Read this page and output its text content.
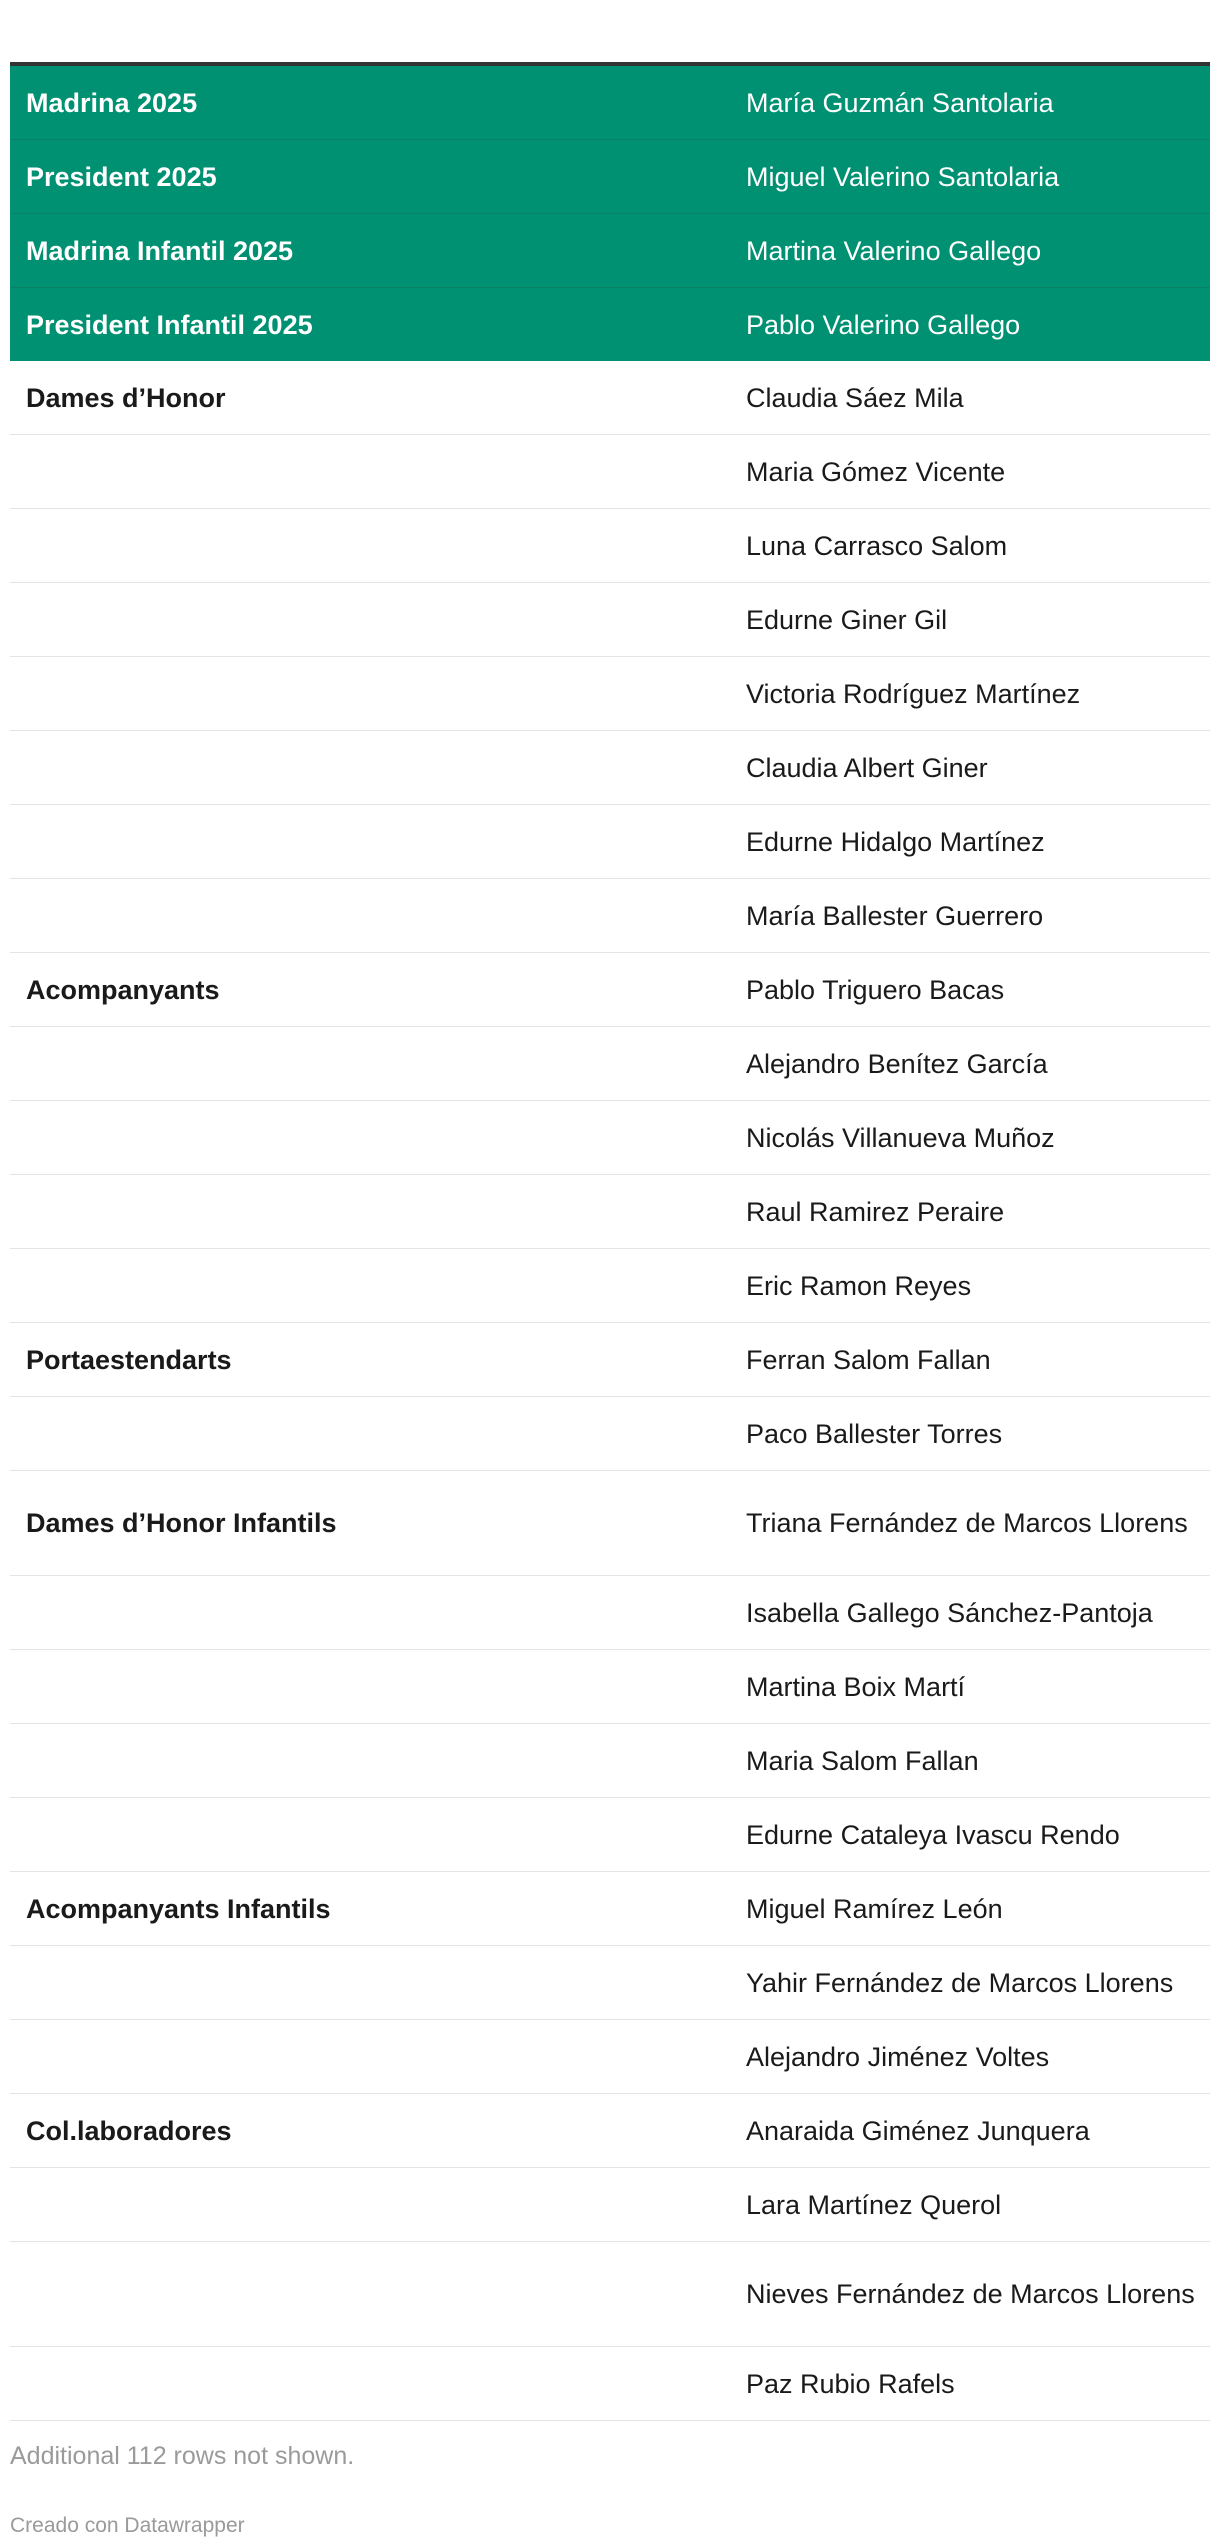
Madrina 2025	María Guzmán Santolaria
President 2025	Miguel Valerino Santolaria
Madrina Infantil 2025	Martina Valerino Gallego
President Infantil 2025	Pablo Valerino Gallego
Dames d’Honor	Claudia Sáez Mila
	Maria Gómez Vicente
	Luna Carrasco Salom
	Edurne Giner Gil
	Victoria Rodríguez Martínez
	Claudia Albert Giner
	Edurne Hidalgo Martínez
	María Ballester Guerrero
Acompanyants	Pablo Triguero Bacas
	Alejandro Benítez García
	Nicolás Villanueva Muñoz
	Raul Ramirez Peraire
	Eric Ramon Reyes
Portaestendarts	Ferran Salom Fallan
	Paco Ballester Torres
Dames d’Honor Infantils	Triana Fernández de Marcos Llorens
	Isabella Gallego Sánchez-Pantoja
	Martina Boix Martí
	Maria Salom Fallan
	Edurne Cataleya Ivascu Rendo
Acompanyants Infantils	Miguel Ramírez León
	Yahir Fernández de Marcos Llorens
	Alejandro Jiménez Voltes
Col.laboradores	Anaraida Giménez Junquera
	Lara Martínez Querol
	Nieves Fernández de Marcos Llorens
	Paz Rubio Rafels
Additional 112 rows not shown.
Creado con Datawrapper
